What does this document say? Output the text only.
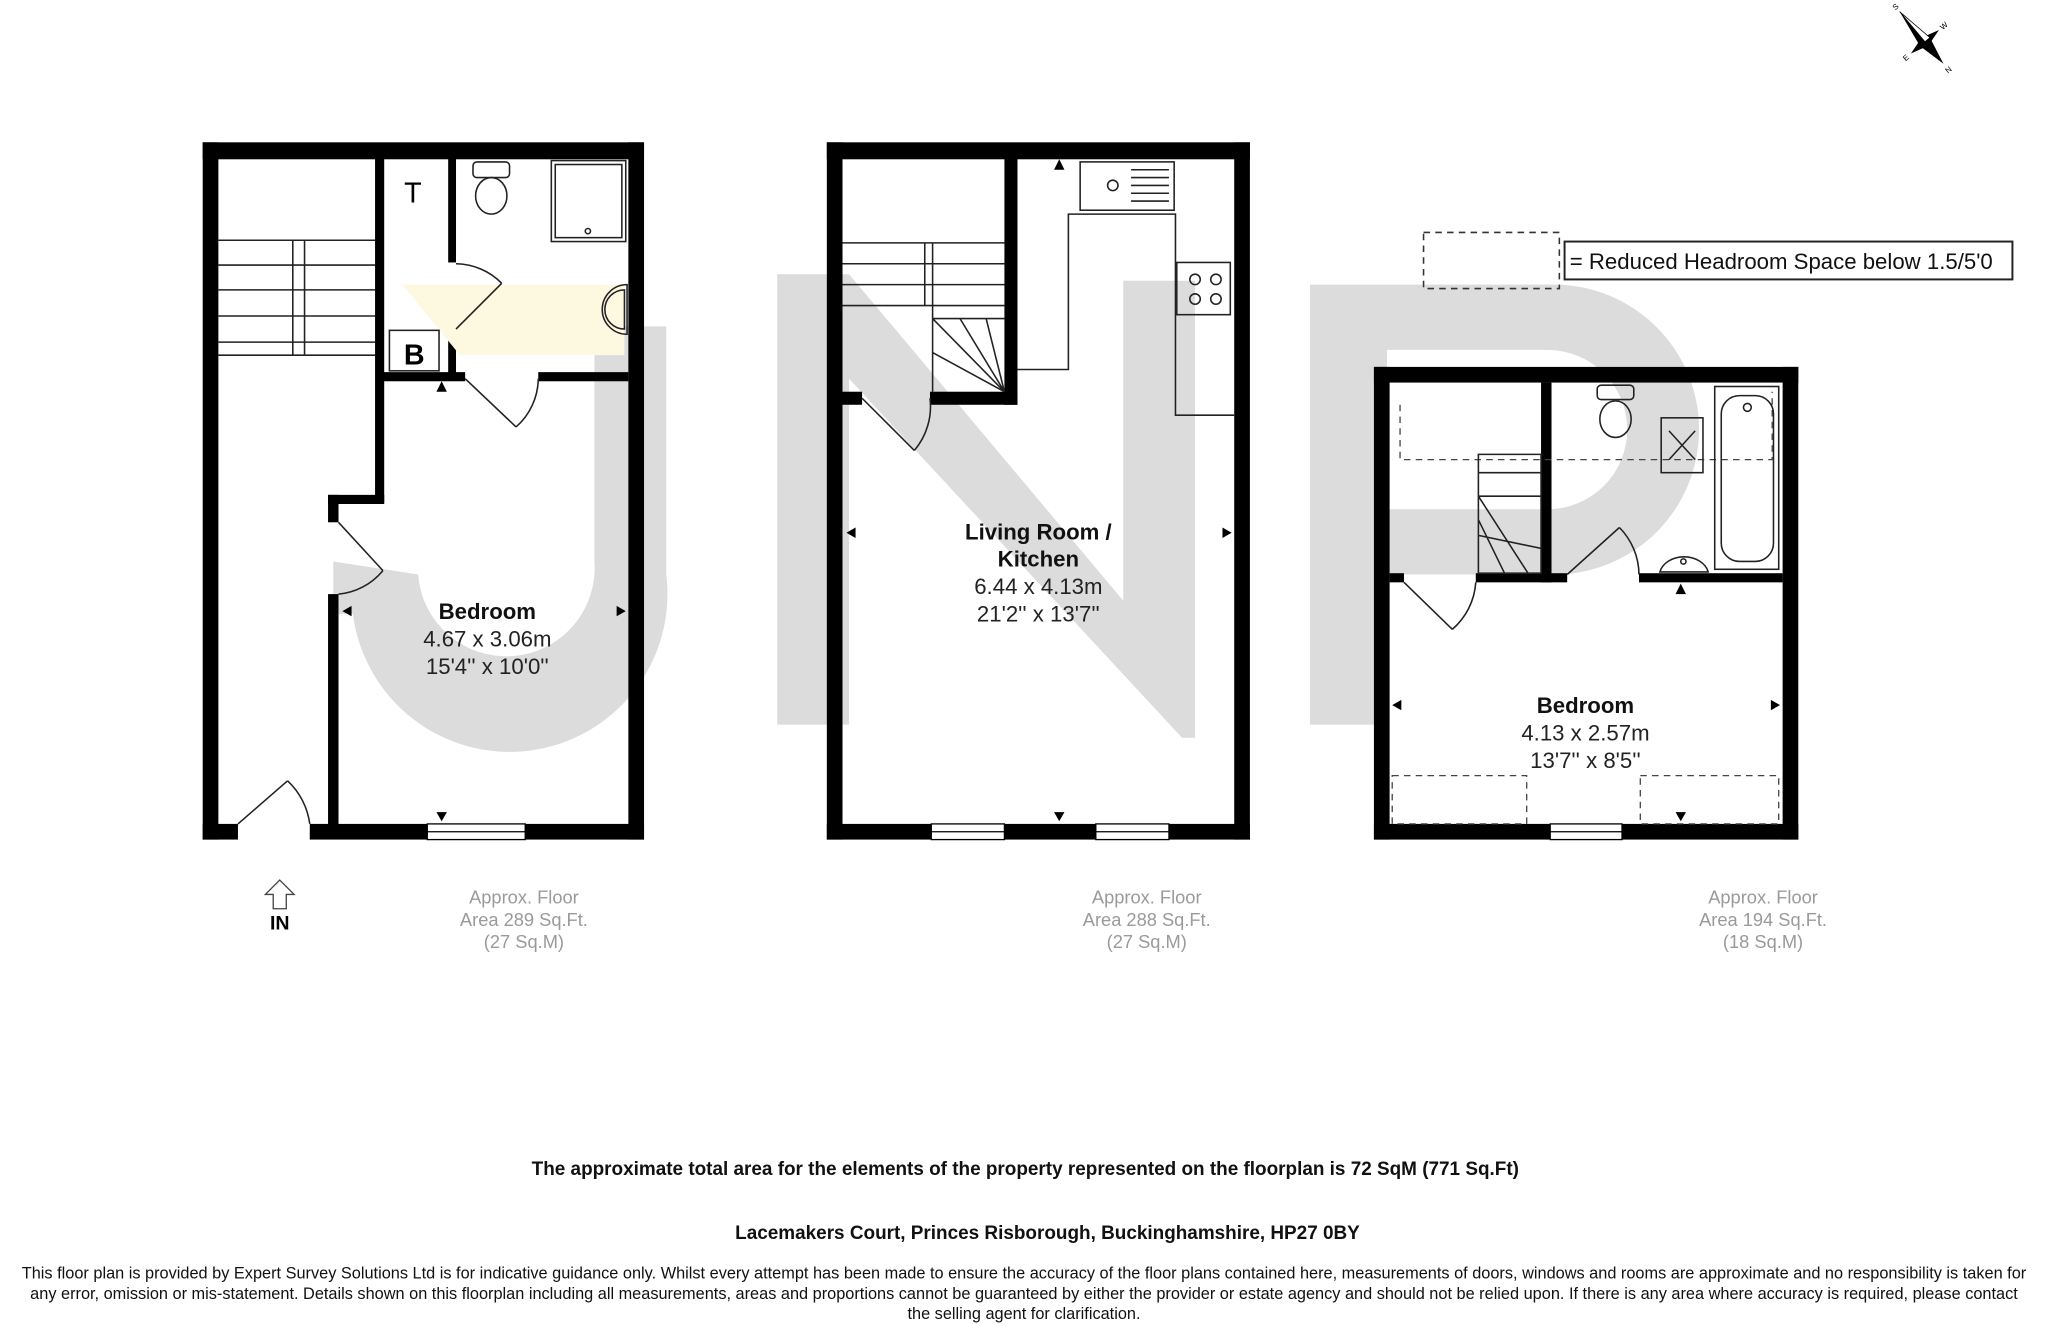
S
W
E
N
= Reduced Headroom Space below 1.5/5'0
B
T
Bedroom
4.67 x 3.06m
15'4'' x 10'0''
IN
Approx. Floor
Area 289 Sq.Ft.
(27 Sq.M)
Living Room /
Kitchen
6.44 x 4.13m
21'2'' x 13'7''
Approx. Floor
Area 288 Sq.Ft.
(27 Sq.M)
Bedroom
4.13 x 2.57m
13'7'' x 8'5''
Approx. Floor
Area 194 Sq.Ft.
(18 Sq.M)
The approximate total area for the elements of the property represented on the floorplan is 72 SqM (771 Sq.Ft)
Lacemakers Court, Princes Risborough, Buckinghamshire, HP27 0BY
This floor plan is provided by Expert Survey Solutions Ltd is for indicative guidance only. Whilst every attempt has been made to ensure the accuracy of the floor plans contained here, measurements of doors, windows and rooms are approximate and no responsibility is taken for
any error, omission or mis-statement. Details shown on this floorplan including all measurements, areas and proportions cannot be guaranteed by either the provider or estate agency and should not be relied upon. If there is any area where accuracy is required, please contact
the selling agent for clarification.
